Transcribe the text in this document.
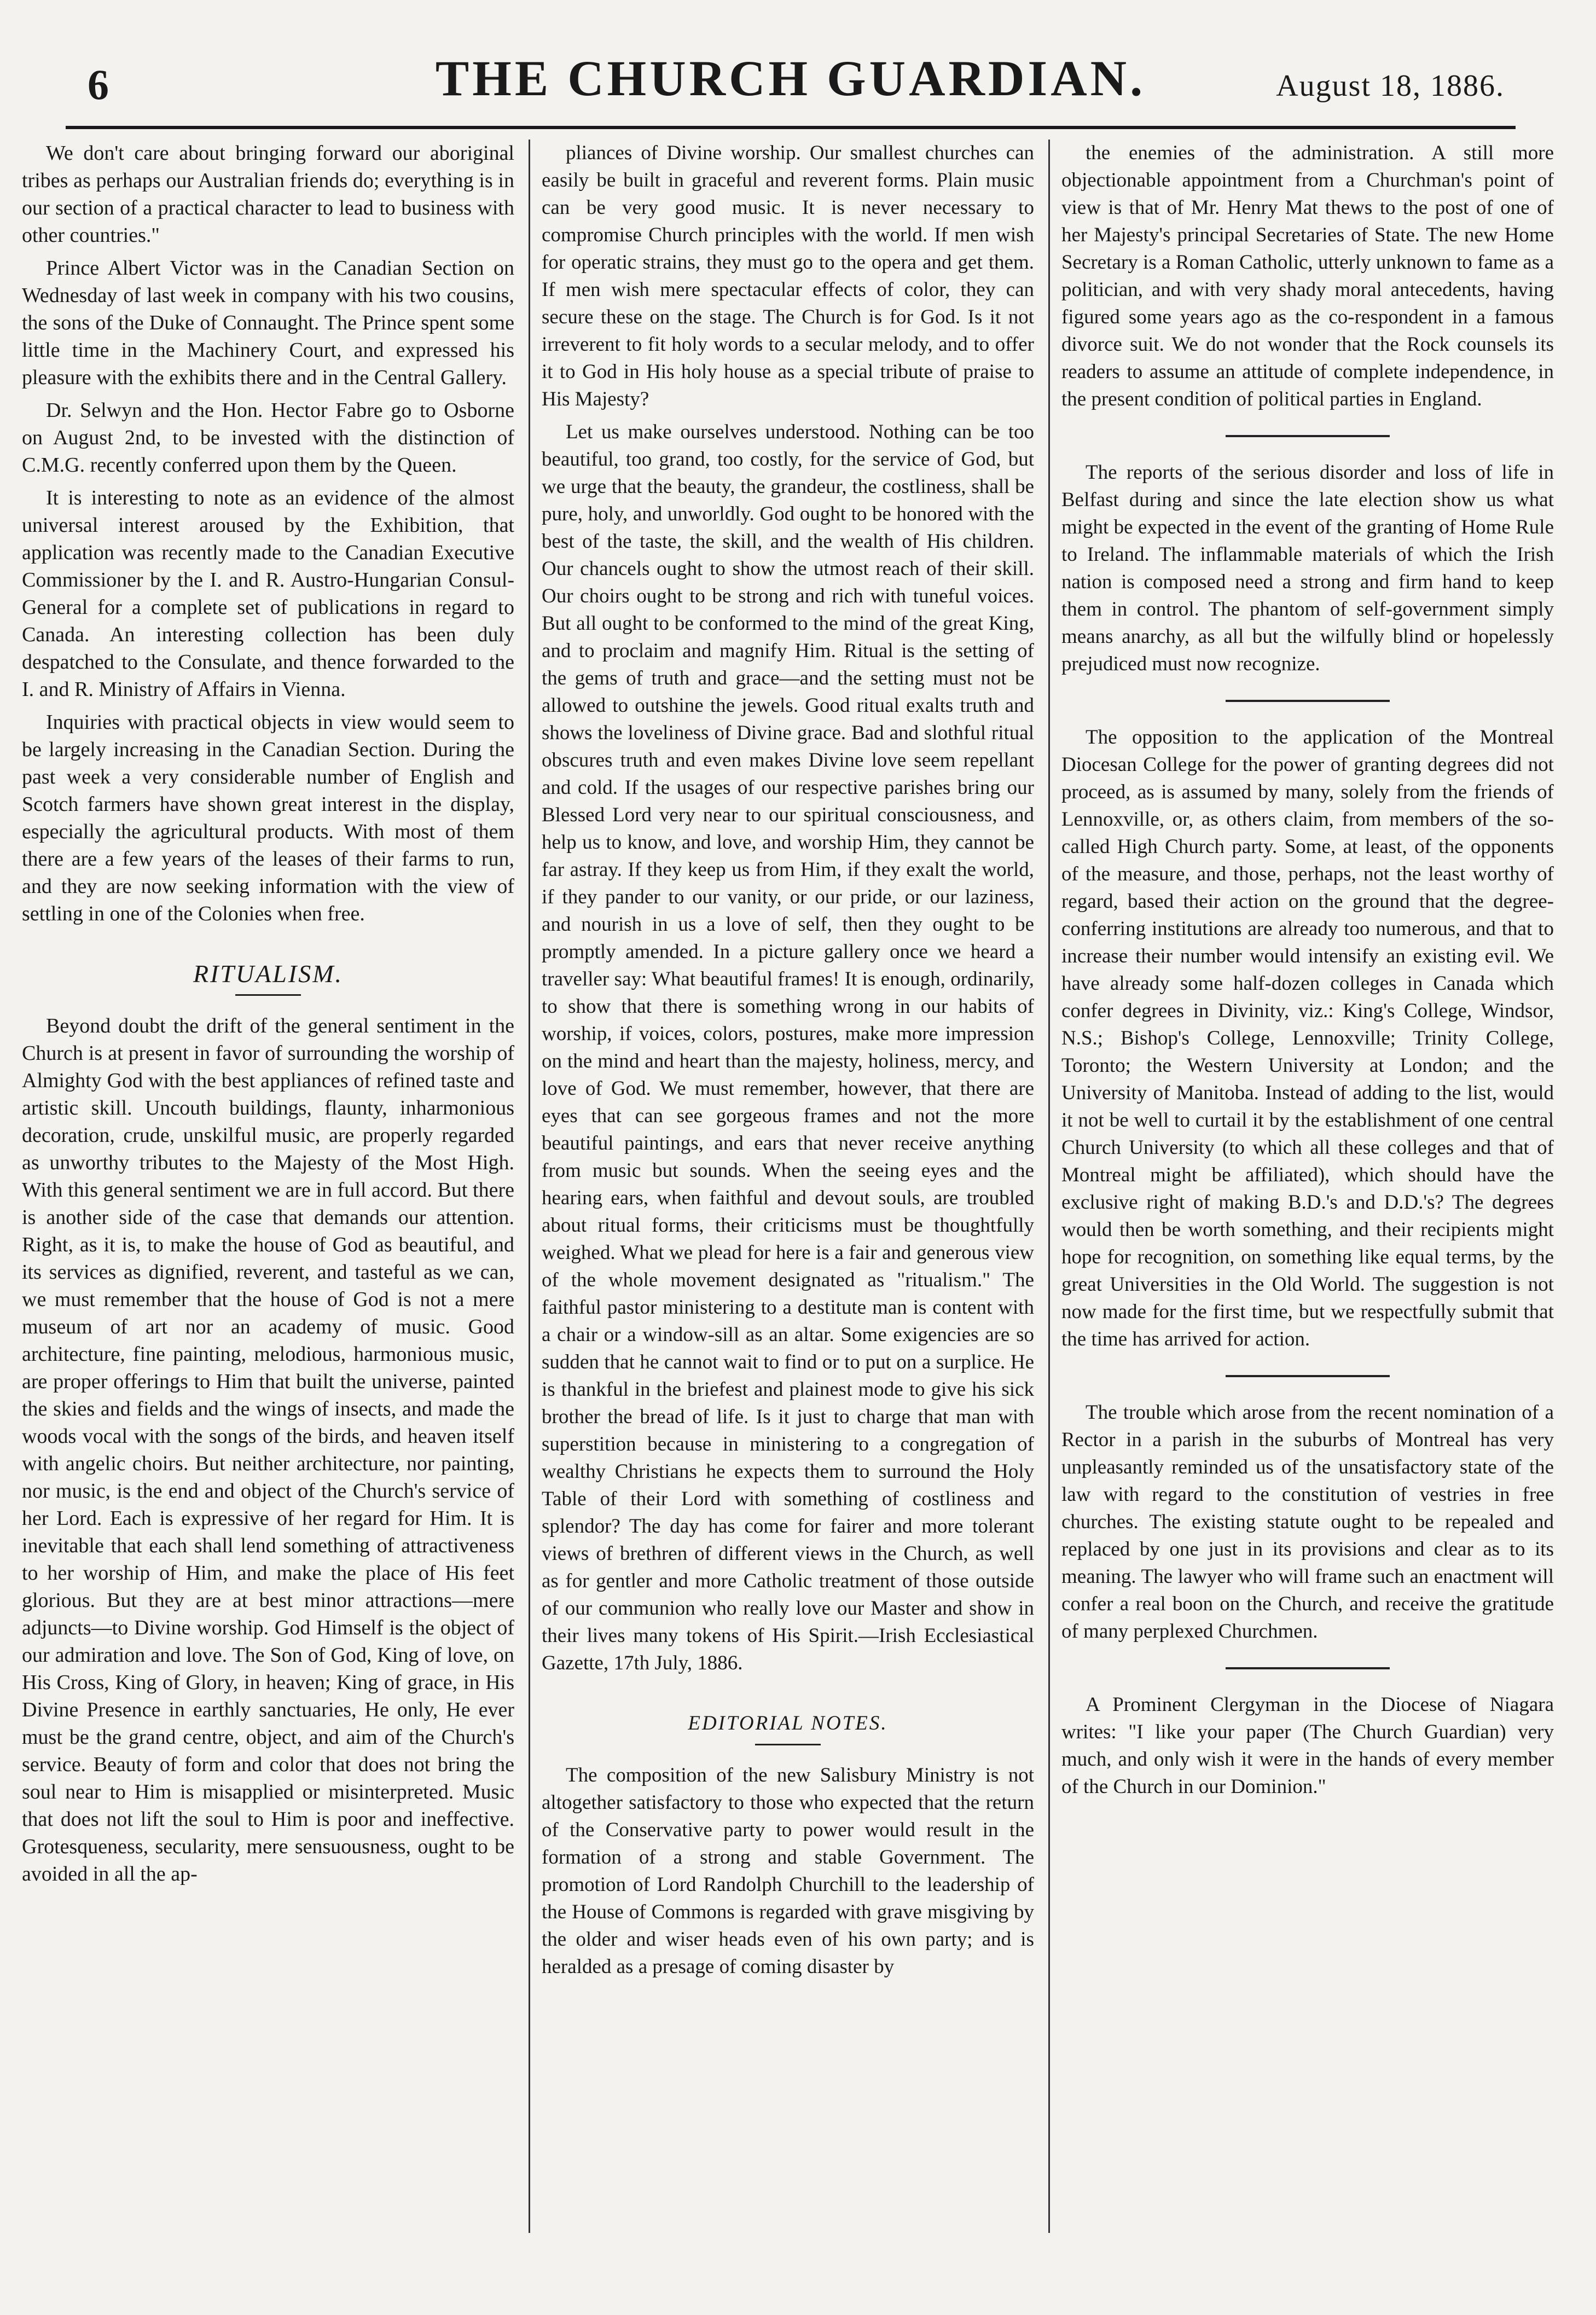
6	THE CHURCH GUARDIAN.	August 18, 1886.

We don't care about bringing forward our aboriginal tribes as perhaps our Australian friends do; everything is in our section of a practical character to lead to business with other countries."

Prince Albert Victor was in the Canadian Section on Wednesday of last week in company with his two cousins, the sons of the Duke of Connaught. The Prince spent some little time in the Machinery Court, and expressed his pleasure with the exhibits there and in the Central Gallery.

Dr. Selwyn and the Hon. Hector Fabre go to Osborne on August 2nd, to be invested with the distinction of C.M.G. recently conferred upon them by the Queen.

It is interesting to note as an evidence of the almost universal interest aroused by the Exhibition, that application was recently made to the Canadian Executive Commissioner by the I. and R. Austro-Hungarian Consul-General for a complete set of publications in regard to Canada. An interesting collection has been duly despatched to the Consulate, and thence forwarded to the I. and R. Ministry of Affairs in Vienna.

Inquiries with practical objects in view would seem to be largely increasing in the Canadian Section. During the past week a very considerable number of English and Scotch farmers have shown great interest in the display, especially the agricultural products. With most of them there are a few years of the leases of their farms to run, and they are now seeking information with the view of settling in one of the Colonies when free.

RITUALISM.

Beyond doubt the drift of the general sentiment in the Church is at present in favor of surrounding the worship of Almighty God with the best appliances of refined taste and artistic skill. Uncouth buildings, flaunty, inharmonious decoration, crude, unskilful music, are properly regarded as unworthy tributes to the Majesty of the Most High. With this general sentiment we are in full accord. But there is another side of the case that demands our attention. Right, as it is, to make the house of God as beautiful, and its services as dignified, reverent, and tasteful as we can, we must remember that the house of God is not a mere museum of art nor an academy of music. Good architecture, fine painting, melodious, harmonious music, are proper offerings to Him that built the universe, painted the skies and fields and the wings of insects, and made the woods vocal with the songs of the birds, and heaven itself with angelic choirs. But neither architecture, nor painting, nor music, is the end and object of the Church's service of her Lord. Each is expressive of her regard for Him. It is inevitable that each shall lend something of attractiveness to her worship of Him, and make the place of His feet glorious. But they are at best minor attractions—mere adjuncts—to Divine worship. God Himself is the object of our admiration and love. The Son of God, King of love, on His Cross, King of Glory, in heaven; King of grace, in His Divine Presence in earthly sanctuaries, He only, He ever must be the grand centre, object, and aim of the Church's service. Beauty of form and color that does not bring the soul near to Him is misapplied or misinterpreted. Music that does not lift the soul to Him is poor and ineffective. Grotesqueness, secularity, mere sensuousness, ought to be avoided in all the ap-

pliances of Divine worship. Our smallest churches can easily be built in graceful and reverent forms. Plain music can be very good music. It is never necessary to compromise Church principles with the world. If men wish for operatic strains, they must go to the opera and get them. If men wish mere spectacular effects of color, they can secure these on the stage. The Church is for God. Is it not irreverent to fit holy words to a secular melody, and to offer it to God in His holy house as a special tribute of praise to His Majesty?

Let us make ourselves understood. Nothing can be too beautiful, too grand, too costly, for the service of God, but we urge that the beauty, the grandeur, the costliness, shall be pure, holy, and unworldly. God ought to be honored with the best of the taste, the skill, and the wealth of His children. Our chancels ought to show the utmost reach of their skill. Our choirs ought to be strong and rich with tuneful voices. But all ought to be conformed to the mind of the great King, and to proclaim and magnify Him. Ritual is the setting of the gems of truth and grace—and the setting must not be allowed to outshine the jewels. Good ritual exalts truth and shows the loveliness of Divine grace. Bad and slothful ritual obscures truth and even makes Divine love seem repellant and cold. If the usages of our respective parishes bring our Blessed Lord very near to our spiritual consciousness, and help us to know, and love, and worship Him, they cannot be far astray. If they keep us from Him, if they exalt the world, if they pander to our vanity, or our pride, or our laziness, and nourish in us a love of self, then they ought to be promptly amended. In a picture gallery once we heard a traveller say: What beautiful frames! It is enough, ordinarily, to show that there is something wrong in our habits of worship, if voices, colors, postures, make more impression on the mind and heart than the majesty, holiness, mercy, and love of God. We must remember, however, that there are eyes that can see gorgeous frames and not the more beautiful paintings, and ears that never receive anything from music but sounds. When the seeing eyes and the hearing ears, when faithful and devout souls, are troubled about ritual forms, their criticisms must be thoughtfully weighed. What we plead for here is a fair and generous view of the whole movement designated as "ritualism." The faithful pastor ministering to a destitute man is content with a chair or a window-sill as an altar. Some exigencies are so sudden that he cannot wait to find or to put on a surplice. He is thankful in the briefest and plainest mode to give his sick brother the bread of life. Is it just to charge that man with superstition because in ministering to a congregation of wealthy Christians he expects them to surround the Holy Table of their Lord with something of costliness and splendor? The day has come for fairer and more tolerant views of brethren of different views in the Church, as well as for gentler and more Catholic treatment of those outside of our communion who really love our Master and show in their lives many tokens of His Spirit.—Irish Ecclesiastical Gazette, 17th July, 1886.

EDITORIAL NOTES.

The composition of the new Salisbury Ministry is not altogether satisfactory to those who expected that the return of the Conservative party to power would result in the formation of a strong and stable Government. The promotion of Lord Randolph Churchill to the leadership of the House of Commons is regarded with grave misgiving by the older and wiser heads even of his own party; and is heralded as a presage of coming disaster by

the enemies of the administration. A still more objectionable appointment from a Churchman's point of view is that of Mr. Henry Mat thews to the post of one of her Majesty's principal Secretaries of State. The new Home Secretary is a Roman Catholic, utterly unknown to fame as a politician, and with very shady moral antecedents, having figured some years ago as the co-respondent in a famous divorce suit. We do not wonder that the Rock counsels its readers to assume an attitude of complete independence, in the present condition of political parties in England.

The reports of the serious disorder and loss of life in Belfast during and since the late election show us what might be expected in the event of the granting of Home Rule to Ireland. The inflammable materials of which the Irish nation is composed need a strong and firm hand to keep them in control. The phantom of self-government simply means anarchy, as all but the wilfully blind or hopelessly prejudiced must now recognize.

The opposition to the application of the Montreal Diocesan College for the power of granting degrees did not proceed, as is assumed by many, solely from the friends of Lennoxville, or, as others claim, from members of the so-called High Church party. Some, at least, of the opponents of the measure, and those, perhaps, not the least worthy of regard, based their action on the ground that the degree-conferring institutions are already too numerous, and that to increase their number would intensify an existing evil. We have already some half-dozen colleges in Canada which confer degrees in Divinity, viz.: King's College, Windsor, N.S.; Bishop's College, Lennoxville; Trinity College, Toronto; the Western University at London; and the University of Manitoba. Instead of adding to the list, would it not be well to curtail it by the establishment of one central Church University (to which all these colleges and that of Montreal might be affiliated), which should have the exclusive right of making B.D.'s and D.D.'s? The degrees would then be worth something, and their recipients might hope for recognition, on something like equal terms, by the great Universities in the Old World. The suggestion is not now made for the first time, but we respectfully submit that the time has arrived for action.

The trouble which arose from the recent nomination of a Rector in a parish in the suburbs of Montreal has very unpleasantly reminded us of the unsatisfactory state of the law with regard to the constitution of vestries in free churches. The existing statute ought to be repealed and replaced by one just in its provisions and clear as to its meaning. The lawyer who will frame such an enactment will confer a real boon on the Church, and receive the gratitude of many perplexed Churchmen.

A Prominent Clergyman in the Diocese of Niagara writes: "I like your paper (The Church Guardian) very much, and only wish it were in the hands of every member of the Church in our Dominion."
